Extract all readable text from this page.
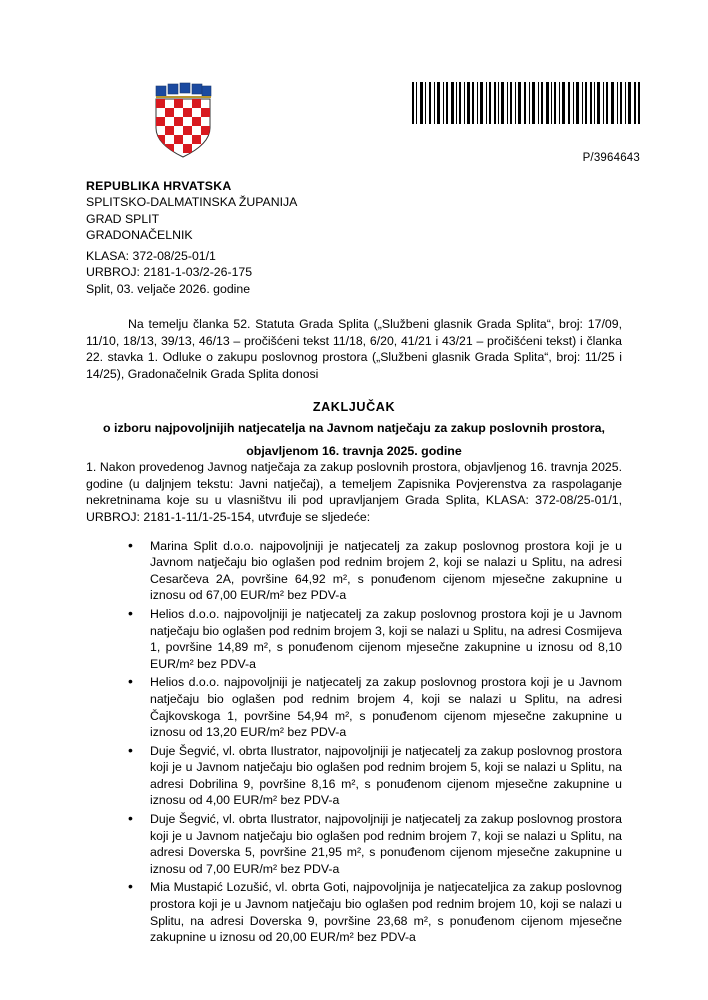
P/3964643
REPUBLIKA HRVATSKA
SPLITSKO-DALMATINSKA ŽUPANIJA
GRAD SPLIT
GRADONAČELNIK
KLASA: 372-08/25-01/1
URBROJ: 2181-1-03/2-26-175
Split, 03. veljače 2026. godine

Na temelju članka 52. Statuta Grada Splita („Službeni glasnik Grada Splita“, broj: 17/09, 11/10, 18/13, 39/13, 46/13 – pročišćeni tekst 11/18, 6/20, 41/21 i 43/21 – pročišćeni tekst) i članka 22. stavka 1. Odluke o zakupu poslovnog prostora („Službeni glasnik Grada Splita“, broj: 11/25 i 14/25), Gradonačelnik Grada Splita donosi

ZAKLJUČAK

o izboru najpovoljnijih natjecatelja na Javnom natječaju za zakup poslovnih prostora,

objavljenom 16. travnja 2025. godine

1. Nakon provedenog Javnog natječaja za zakup poslovnih prostora, objavljenog 16. travnja 2025. godine (u daljnjem tekstu: Javni natječaj), a temeljem Zapisnika Povjerenstva za raspolaganje nekretninama koje su u vlasništvu ili pod upravljanjem Grada Splita, KLASA: 372-08/25-01/1, URBROJ: 2181-1-11/1-25-154, utvrđuje se sljedeće:

• Marina Split d.o.o. najpovoljniji je natjecatelj za zakup poslovnog prostora koji je u Javnom natječaju bio oglašen pod rednim brojem 2, koji se nalazi u Splitu, na adresi Cesarčeva 2A, površine 64,92 m², s ponuđenom cijenom mjesečne zakupnine u iznosu od 67,00 EUR/m² bez PDV-a
• Helios d.o.o. najpovoljniji je natjecatelj za zakup poslovnog prostora koji je u Javnom natječaju bio oglašen pod rednim brojem 3, koji se nalazi u Splitu, na adresi Cosmijeva 1, površine 14,89 m², s ponuđenom cijenom mjesečne zakupnine u iznosu od 8,10 EUR/m² bez PDV-a
• Helios d.o.o. najpovoljniji je natjecatelj za zakup poslovnog prostora koji je u Javnom natječaju bio oglašen pod rednim brojem 4, koji se nalazi u Splitu, na adresi Čajkovskoga 1, površine 54,94 m², s ponuđenom cijenom mjesečne zakupnine u iznosu od 13,20 EUR/m² bez PDV-a
• Duje Šegvić, vl. obrta Ilustrator, najpovoljniji je natjecatelj za zakup poslovnog prostora koji je u Javnom natječaju bio oglašen pod rednim brojem 5, koji se nalazi u Splitu, na adresi Dobrilina 9, površine 8,16 m², s ponuđenom cijenom mjesečne zakupnine u iznosu od 4,00 EUR/m² bez PDV-a
• Duje Šegvić, vl. obrta Ilustrator, najpovoljniji je natjecatelj za zakup poslovnog prostora koji je u Javnom natječaju bio oglašen pod rednim brojem 7, koji se nalazi u Splitu, na adresi Doverska 5, površine 21,95 m², s ponuđenom cijenom mjesečne zakupnine u iznosu od 7,00 EUR/m² bez PDV-a
• Mia Mustapić Lozušić, vl. obrta Goti, najpovoljnija je natjecateljica za zakup poslovnog prostora koji je u Javnom natječaju bio oglašen pod rednim brojem 10, koji se nalazi u Splitu, na adresi Doverska 9, površine 23,68 m², s ponuđenom cijenom mjesečne zakupnine u iznosu od 20,00 EUR/m² bez PDV-a
